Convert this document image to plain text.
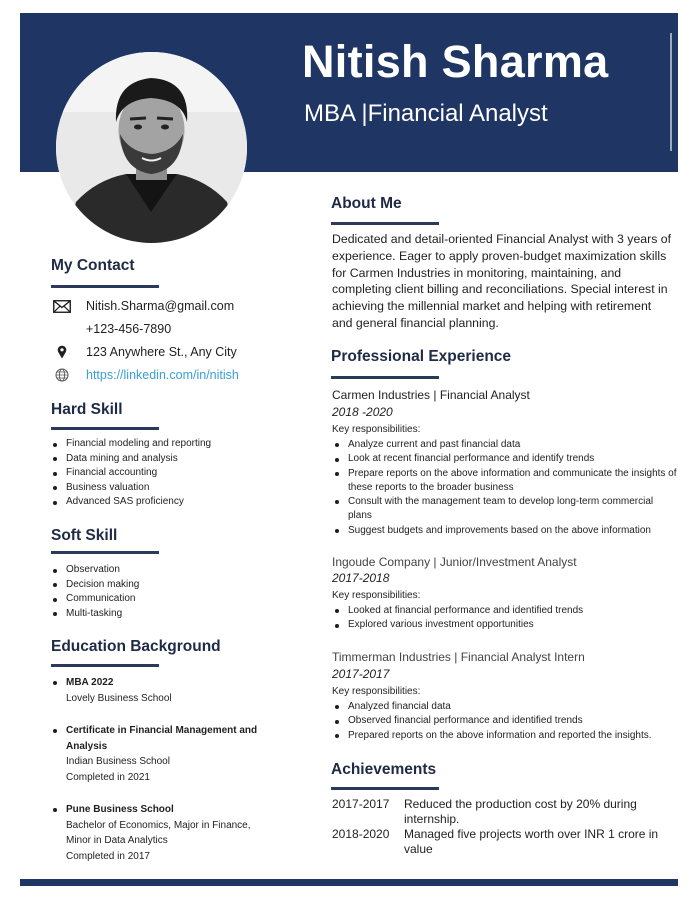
Nitish Sharma
MBA |Financial Analyst
My Contact
Nitish.Sharma@gmail.com
+123-456-7890
123 Anywhere St., Any City
https://linkedin.com/in/nitish
Hard Skill
Financial modeling and reporting
Data mining and analysis
Financial accounting
Business valuation
Advanced SAS proficiency
Soft Skill
Observation
Decision making
Communication
Multi-tasking
Education Background
MBA 2022
Lovely Business School
Certificate in Financial Management and Analysis
Indian Business School
Completed in 2021
Pune Business School
Bachelor of Economics, Major in Finance, Minor in Data Analytics
Completed in 2017
About Me
Dedicated and detail-oriented Financial Analyst with 3 years of experience. Eager to apply proven-budget maximization skills for Carmen Industries in monitoring, maintaining, and completing client billing and reconciliations. Special interest in achieving the millennial market and helping with retirement and general financial planning.
Professional Experience
Carmen Industries | Financial Analyst
2018 -2020
Key responsibilities:
Analyze current and past financial data
Look at recent financial performance and identify trends
Prepare reports on the above information and communicate the insights of these reports to the broader business
Consult with the management team to develop long-term commercial plans
Suggest budgets and improvements based on the above information
Ingoude Company | Junior/Investment Analyst
2017-2018
Key responsibilities:
Looked at financial performance and identified trends
Explored various investment opportunities
Timmerman Industries | Financial Analyst Intern
2017-2017
Key responsibilities:
Analyzed financial data
Observed financial performance and identified trends
Prepared reports on the above information and reported the insights.
Achievements
2017-2017 Reduced the production cost by 20% during internship.
2018-2020 Managed five projects worth over INR 1 crore in value
